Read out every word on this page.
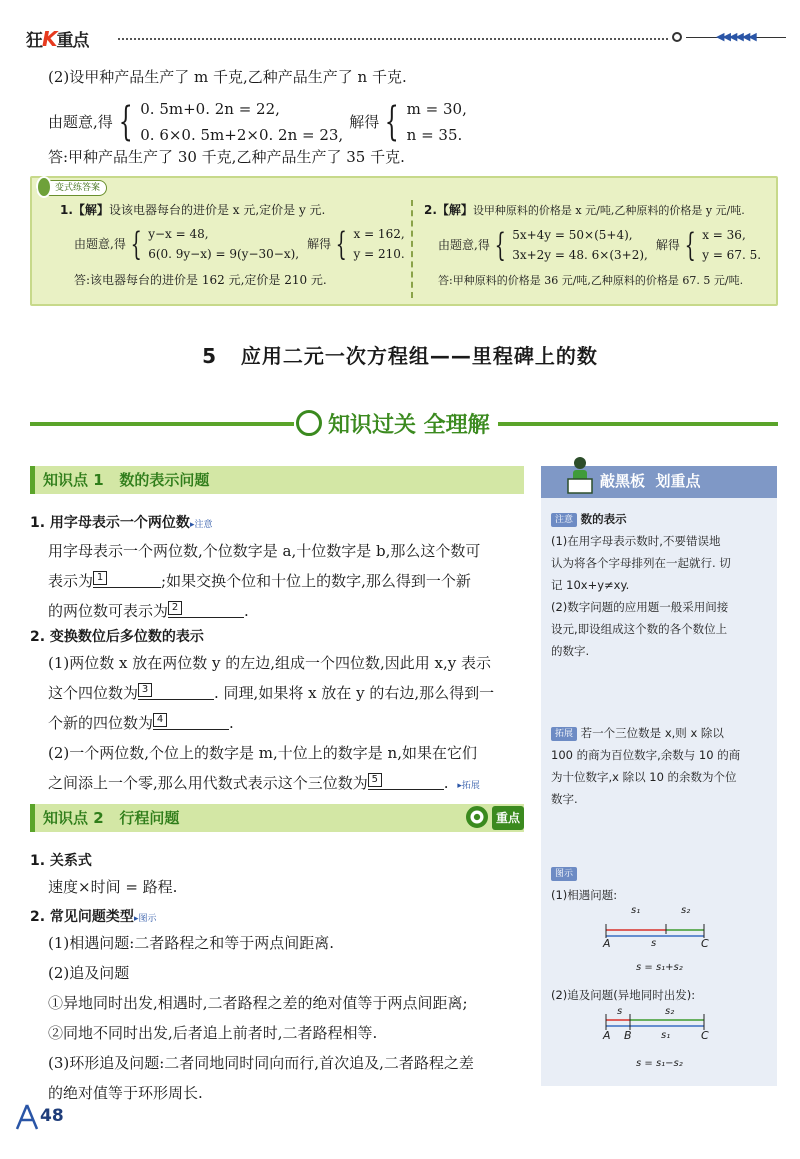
狂K重点	◀◀◀◀◀◀
(2)设甲种产品生产了 m 千克,乙种产品生产了 n 千克.
由题意,得 { 0. 5m+0. 2n = 22,
0. 6×0. 5m+2×0. 2n = 23,
解得 { m = 30,
n = 35.
答:甲种产品生产了 30 千克,乙种产品生产了 35 千克.
变式练答案
1.【解】设该电器每台的进价是 x 元,定价是 y 元.
由题意,得 { y−x = 48,
6(0. 9y−x) = 9(y−30−x),
解得 { x = 162,
y = 210.
答:该电器每台的进价是 162 元,定价是 210 元.
2.【解】设甲种原料的价格是 x 元/吨,乙种原料的价格是 y 元/吨.
由题意,得 { 5x+4y = 50×(5+4),
3x+2y = 48. 6×(3+2),
解得 { x = 36,
y = 67. 5.
答:甲种原料的价格是 36 元/吨,乙种原料的价格是 67. 5 元/吨.
5   应用二元一次方程组——里程碑上的数
知识过关 全理解
知识点 1   数的表示问题
1. 用字母表示一个两位数▸注意
用字母表示一个两位数,个位数字是 a,十位数字是 b,那么这个数可
表示为 1	;如果交换个位和十位上的数字,那么得到一个新
的两位数可表示为 2	.
2. 变换数位后多位数的表示
(1)两位数 x 放在两位数 y 的左边,组成一个四位数,因此用 x,y 表示
这个四位数为 3	. 同理,如果将 x 放在 y 的右边,那么得到一
个新的四位数为 4	.
(2)一个两位数,个位上的数字是 m,十位上的数字是 n,如果在它们
之间添上一个零,那么用代数式表示这个三位数为 5	. ▸拓展
知识点 2   行程问题	重点
1. 关系式
速度×时间 = 路程.
2. 常见问题类型▸图示
(1)相遇问题:二者路程之和等于两点间距离.
(2)追及问题
①异地同时出发,相遇时,二者路程之差的绝对值等于两点间距离;
②同地不同时出发,后者追上前者时,二者路程相等.
(3)环形追及问题:二者同地同时同向而行,首次追及,二者路程之差
的绝对值等于环形周长.
敲黑板  划重点
注意 数的表示
(1)在用字母表示数时,不要错误地
认为将各个字母排列在一起就行. 切
记 10x+y≠xy.
(2)数字问题的应用题一般采用间接
设元,即设组成这个数的各个数位上
的数字.
拓展 若一个三位数是 x,则 x 除以
100 的商为百位数字,余数与 10 的商
为十位数字,x 除以 10 的余数为个位
数字.
图示
(1)相遇问题:
s₁	s₂
A	s	C
s = s₁+s₂
(2)追及问题(异地同时出发):
s	s₂
A B	s₁	C
s = s₁−s₂
48
